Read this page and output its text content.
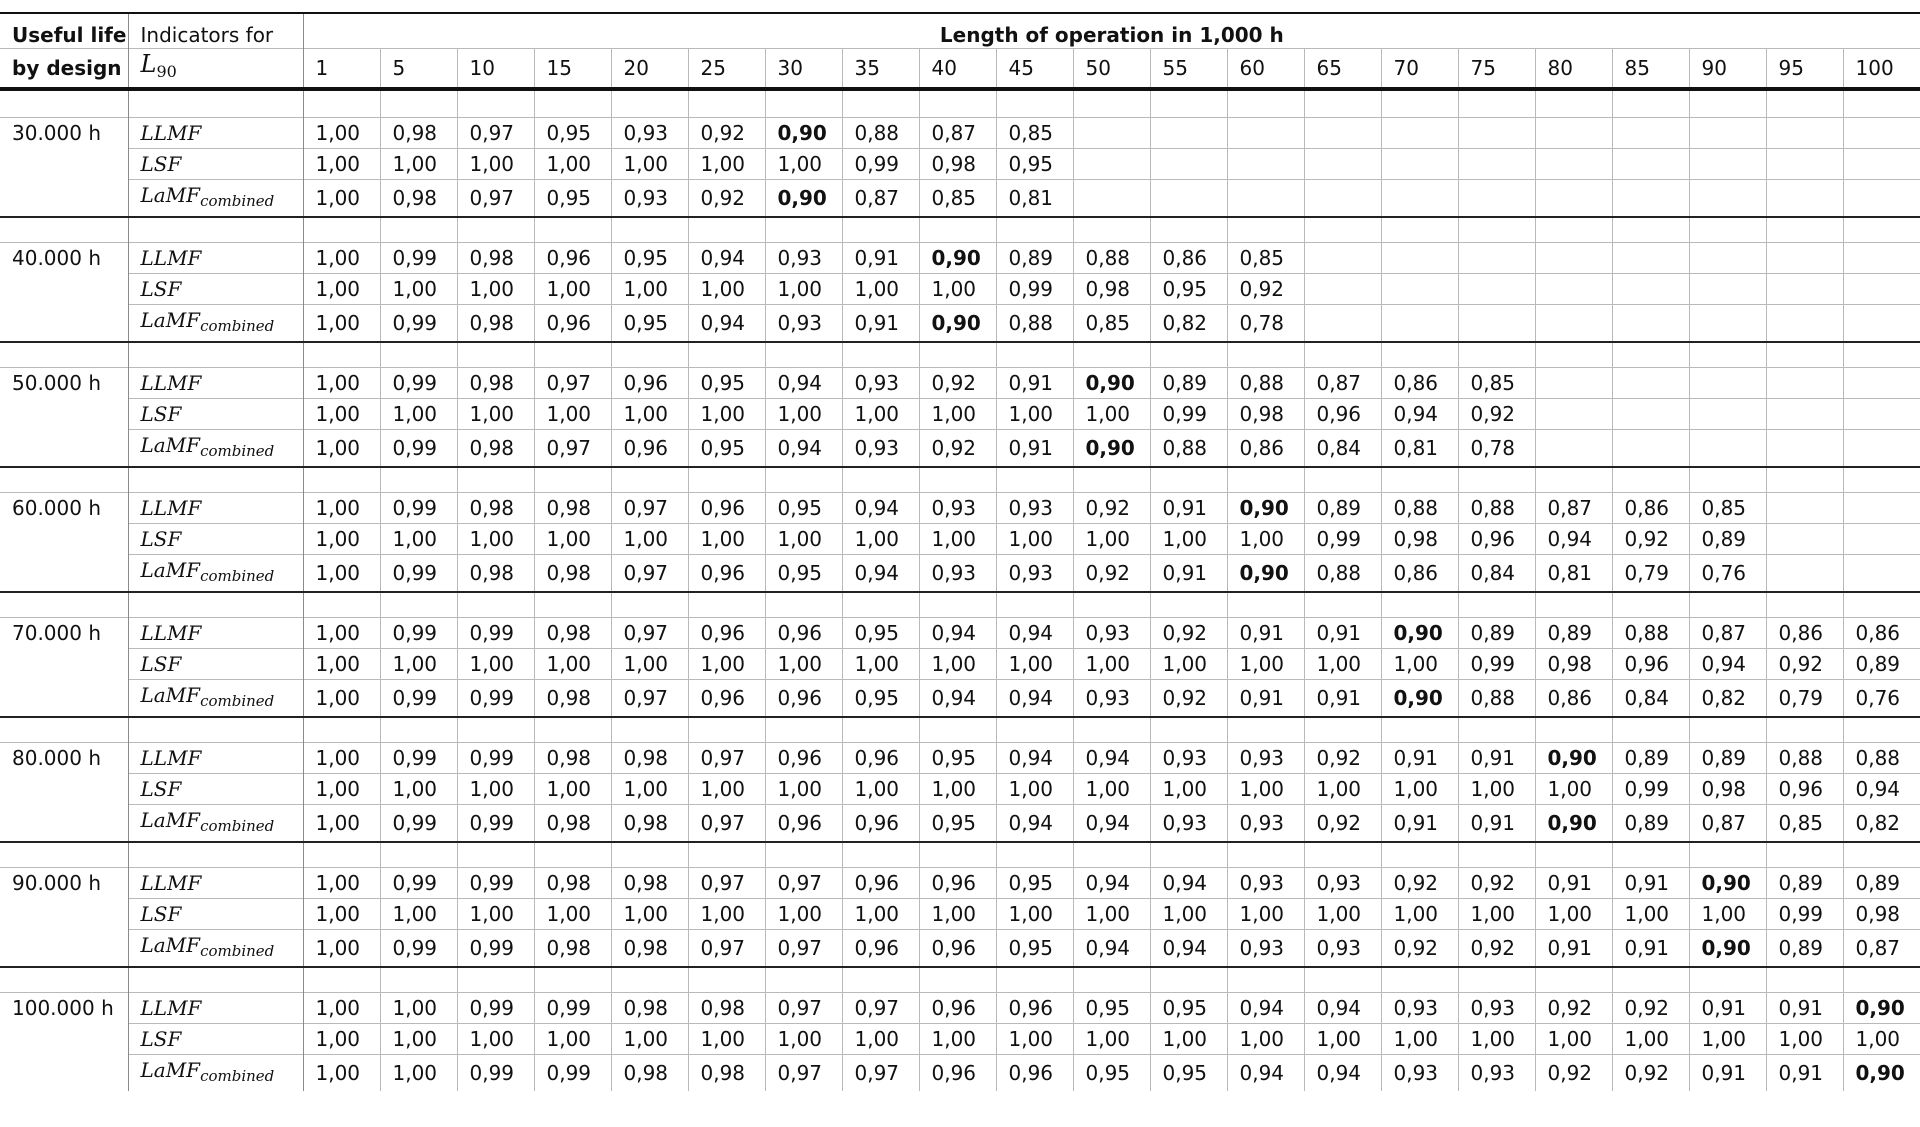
Useful life	Indicators for	Length of operation in 1,000 h																				
by design	$L_{90}$	1	5	10	15	20	25	30	35	40	45	50	55	60	65	70	75	80	85	90	95	100

30.000 h	LLMF	1,00	0,98	0,97	0,95	0,93	0,92	0,90	0,88	0,87	0,85											
	LSF	1,00	1,00	1,00	1,00	1,00	1,00	1,00	0,99	0,98	0,95											
	LaMF$_{combined}$	1,00	0,98	0,97	0,95	0,93	0,92	0,90	0,87	0,85	0,81											

40.000 h	LLMF	1,00	0,99	0,98	0,96	0,95	0,94	0,93	0,91	0,90	0,89	0,88	0,86	0,85								
	LSF	1,00	1,00	1,00	1,00	1,00	1,00	1,00	1,00	1,00	0,99	0,98	0,95	0,92								
	LaMF$_{combined}$	1,00	0,99	0,98	0,96	0,95	0,94	0,93	0,91	0,90	0,88	0,85	0,82	0,78								

50.000 h	LLMF	1,00	0,99	0,98	0,97	0,96	0,95	0,94	0,93	0,92	0,91	0,90	0,89	0,88	0,87	0,86	0,85					
	LSF	1,00	1,00	1,00	1,00	1,00	1,00	1,00	1,00	1,00	1,00	1,00	0,99	0,98	0,96	0,94	0,92					
	LaMF$_{combined}$	1,00	0,99	0,98	0,97	0,96	0,95	0,94	0,93	0,92	0,91	0,90	0,88	0,86	0,84	0,81	0,78					

60.000 h	LLMF	1,00	0,99	0,98	0,98	0,97	0,96	0,95	0,94	0,93	0,93	0,92	0,91	0,90	0,89	0,88	0,88	0,87	0,86	0,85		
	LSF	1,00	1,00	1,00	1,00	1,00	1,00	1,00	1,00	1,00	1,00	1,00	1,00	1,00	0,99	0,98	0,96	0,94	0,92	0,89		
	LaMF$_{combined}$	1,00	0,99	0,98	0,98	0,97	0,96	0,95	0,94	0,93	0,93	0,92	0,91	0,90	0,88	0,86	0,84	0,81	0,79	0,76		

70.000 h	LLMF	1,00	0,99	0,99	0,98	0,97	0,96	0,96	0,95	0,94	0,94	0,93	0,92	0,91	0,91	0,90	0,89	0,89	0,88	0,87	0,86	0,86
	LSF	1,00	1,00	1,00	1,00	1,00	1,00	1,00	1,00	1,00	1,00	1,00	1,00	1,00	1,00	1,00	0,99	0,98	0,96	0,94	0,92	0,89
	LaMF$_{combined}$	1,00	0,99	0,99	0,98	0,97	0,96	0,96	0,95	0,94	0,94	0,93	0,92	0,91	0,91	0,90	0,88	0,86	0,84	0,82	0,79	0,76

80.000 h	LLMF	1,00	0,99	0,99	0,98	0,98	0,97	0,96	0,96	0,95	0,94	0,94	0,93	0,93	0,92	0,91	0,91	0,90	0,89	0,89	0,88	0,88
	LSF	1,00	1,00	1,00	1,00	1,00	1,00	1,00	1,00	1,00	1,00	1,00	1,00	1,00	1,00	1,00	1,00	1,00	0,99	0,98	0,96	0,94
	LaMF$_{combined}$	1,00	0,99	0,99	0,98	0,98	0,97	0,96	0,96	0,95	0,94	0,94	0,93	0,93	0,92	0,91	0,91	0,90	0,89	0,87	0,85	0,82

90.000 h	LLMF	1,00	0,99	0,99	0,98	0,98	0,97	0,97	0,96	0,96	0,95	0,94	0,94	0,93	0,93	0,92	0,92	0,91	0,91	0,90	0,89	0,89
	LSF	1,00	1,00	1,00	1,00	1,00	1,00	1,00	1,00	1,00	1,00	1,00	1,00	1,00	1,00	1,00	1,00	1,00	1,00	1,00	0,99	0,98
	LaMF$_{combined}$	1,00	0,99	0,99	0,98	0,98	0,97	0,97	0,96	0,96	0,95	0,94	0,94	0,93	0,93	0,92	0,92	0,91	0,91	0,90	0,89	0,87

100.000 h	LLMF	1,00	1,00	0,99	0,99	0,98	0,98	0,97	0,97	0,96	0,96	0,95	0,95	0,94	0,94	0,93	0,93	0,92	0,92	0,91	0,91	0,90
	LSF	1,00	1,00	1,00	1,00	1,00	1,00	1,00	1,00	1,00	1,00	1,00	1,00	1,00	1,00	1,00	1,00	1,00	1,00	1,00	1,00	1,00
	LaMF$_{combined}$	1,00	1,00	0,99	0,99	0,98	0,98	0,97	0,97	0,96	0,96	0,95	0,95	0,94	0,94	0,93	0,93	0,92	0,92	0,91	0,91	0,90
